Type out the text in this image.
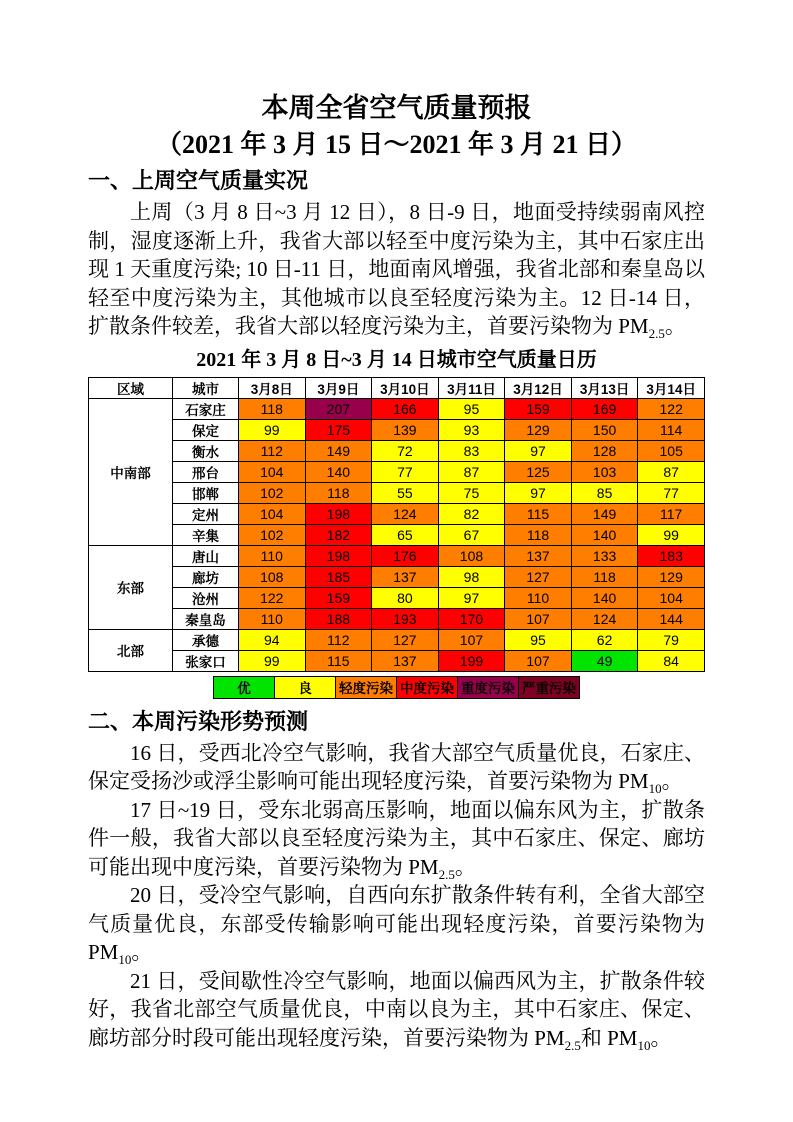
本周全省空气质量预报
（2021 年 3 月 15 日～2021 年 3 月 21 日）
一、上周空气质量实况

上周（3 月 8 日~3 月 12 日），8 日-9 日，地面受持续弱南风控制，湿度逐渐上升，我省大部以轻至中度污染为主，其中石家庄出现 1 天重度污染; 10 日-11 日，地面南风增强，我省北部和秦皇岛以轻至中度污染为主，其他城市以良至轻度污染为主。12 日-14 日，扩散条件较差，我省大部以轻度污染为主，首要污染物为 $PM_{2.5}$。

2021 年 3 月 8 日~3 月 14 日城市空气质量日历
区域	城市	3月8日	3月9日	3月10日	3月11日	3月12日	3月13日	3月14日
中南部	石家庄	118	207	166	95	159	169	122
	保定	99	175	139	93	129	150	114
	衡水	112	149	72	83	97	128	105
	邢台	104	140	77	87	125	103	87
	邯郸	102	118	55	75	97	85	77
	定州	104	198	124	82	115	149	117
	辛集	102	182	65	67	118	140	99
东部	唐山	110	198	176	108	137	133	183
	廊坊	108	185	137	98	127	118	129
	沧州	122	159	80	97	110	140	104
	秦皇岛	110	188	193	170	107	124	144
北部	承德	94	112	127	107	95	62	79
	张家口	99	115	137	199	107	49	84
优	良	轻度污染 中度污染 重度污染 严重污染
二、本周污染形势预测

16 日，受西北冷空气影响，我省大部空气质量优良，石家庄、保定受扬沙或浮尘影响可能出现轻度污染，首要污染物为 $PM_{10}$。

17 日~19 日，受东北弱高压影响，地面以偏东风为主，扩散条件一般，我省大部以良至轻度污染为主，其中石家庄、保定、廊坊可能出现中度污染，首要污染物为 $PM_{2.5}$。

20 日，受冷空气影响，自西向东扩散条件转有利，全省大部空气质量优良，东部受传输影响可能出现轻度污染，首要污染物为 $PM_{10}$。

21 日，受间歇性冷空气影响，地面以偏西风为主，扩散条件较好，我省北部空气质量优良，中南以良为主，其中石家庄、保定、廊坊部分时段可能出现轻度污染，首要污染物为 $PM_{2.5}$和 $PM_{10}$。
